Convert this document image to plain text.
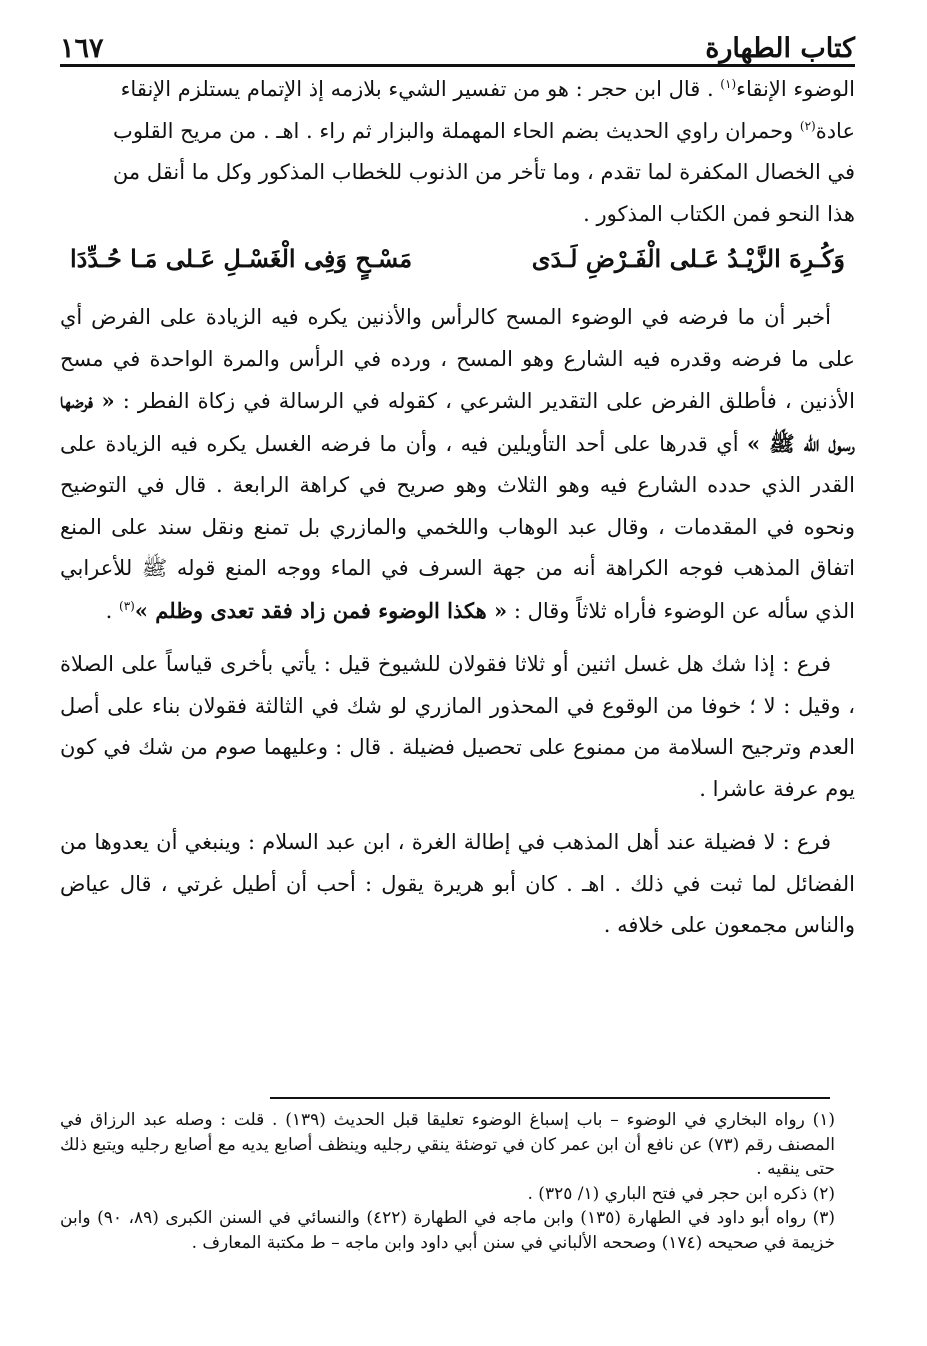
كتاب الطهارة
١٦٧

الوضوء الإنقاء$^{(١)}$ . قال ابن حجر : هو من تفسير الشيء بلازمه إذ الإتمام يستلزم الإنقاء

عادة$^{(٢)}$ وحمران راوي الحديث بضم الحاء المهملة والبزار ثم راء . اهـ . من مريح القلوب

في الخصال المكفرة لما تقدم ، وما تأخر من الذنوب للخطاب المذكور وكل ما أنقل من

هذا النحو فمن الكتاب المذكور .

وَكُـرِهَ الزَّيْـدُ عَـلى الْفَـرْضِ لَـدَى
مَسْـحٍ وَفِى الْغَسْـلِ عَـلى مَـا حُـدِّدَا

أخبر أن ما فرضه في الوضوء المسح كالرأس والأذنين يكره فيه الزيادة على الفرض أي على ما فرضه وقدره فيه الشارع وهو المسح ، ورده في الرأس والمرة الواحدة في مسح الأذنين ، فأطلق الفرض على التقدير الشرعي ، كقوله في الرسالة في زكاة الفطر : « فرضها رسول الله ﷺ » أي قدرها على أحد التأويلين فيه ، وأن ما فرضه الغسل يكره فيه الزيادة على القدر الذي حدده الشارع فيه وهو الثلاث وهو صريح في كراهة الرابعة . قال في التوضيح ونحوه في المقدمات ، وقال عبد الوهاب واللخمي والمازري بل تمنع ونقل سند على المنع اتفاق المذهب فوجه الكراهة أنه من جهة السرف في الماء ووجه المنع قوله ﷺ للأعرابي الذي سأله عن الوضوء فأراه ثلاثاً وقال : « هكذا الوضوء فمن زاد فقد تعدى وظلم »$^{(٣)}$ .

فرع : إذا شك هل غسل اثنين أو ثلاثا فقولان للشيوخ قيل : يأتي بأخرى قياساً على الصلاة ، وقيل : لا ؛ خوفا من الوقوع في المحذور المازري لو شك في الثالثة فقولان بناء على أصل العدم وترجيح السلامة من ممنوع على تحصيل فضيلة . قال : وعليهما صوم من شك في كون يوم عرفة عاشرا .

فرع : لا فضيلة عند أهل المذهب في إطالة الغرة ، ابن عبد السلام : وينبغي أن يعدوها من الفضائل لما ثبت في ذلك . اهـ . كان أبو هريرة يقول : أحب أن أطيل غرتي ، قال عياض والناس مجمعون على خلافه .

(١) رواه البخاري في الوضوء – باب إسباغ الوضوء تعليقا قبل الحديث (١٣٩) . قلت : وصله عبد الرزاق في المصنف رقم (٧٣) عن نافع أن ابن عمر كان في توضئة ينقي رجليه وينظف أصابع يديه مع أصابع رجليه ويتبع ذلك حتى ينقيه .

(٢) ذكره ابن حجر في فتح الباري (١/ ٣٢٥) .

(٣) رواه أبو داود في الطهارة (١٣٥) وابن ماجه في الطهارة (٤٢٢) والنسائي في السنن الكبرى (٨٩، ٩٠) وابن خزيمة في صحيحه (١٧٤) وصححه الألباني في سنن أبي داود وابن ماجه – ط مكتبة المعارف .
